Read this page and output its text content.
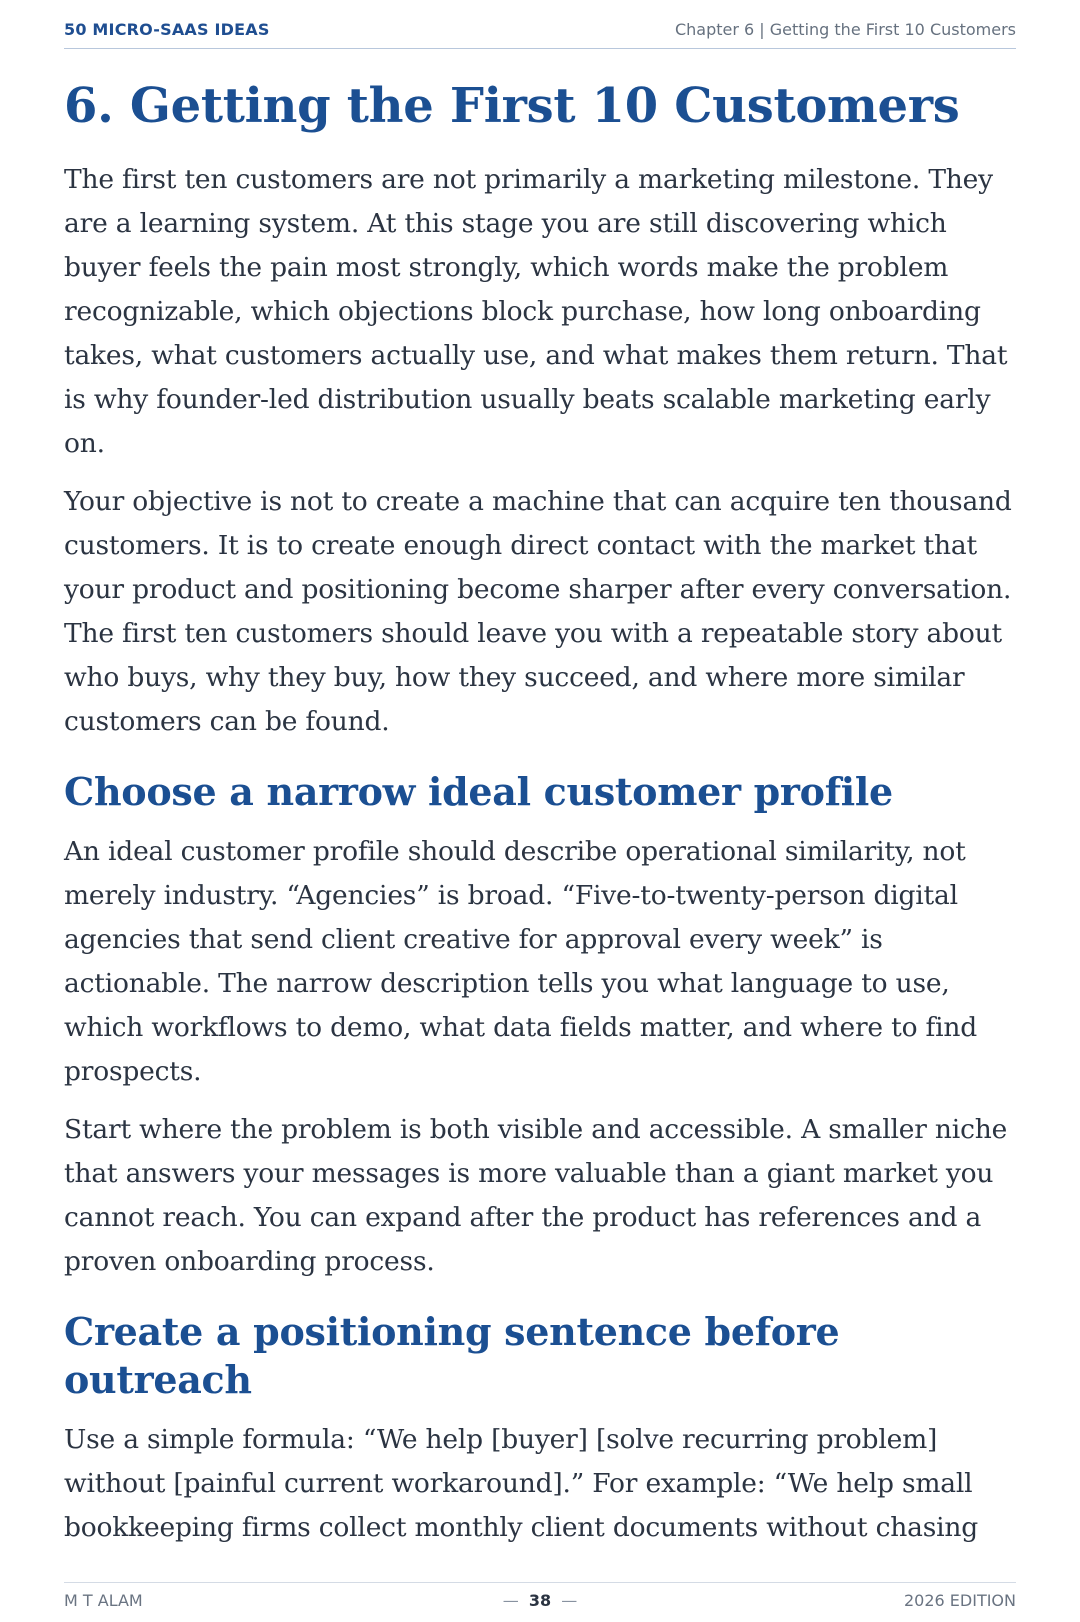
50 MICRO-SAAS IDEAS	Chapter 6 | Getting the First 10 Customers
6. Getting the First 10 Customers

The first ten customers are not primarily a marketing milestone. They are a learning system. At this stage you are still discovering which buyer feels the pain most strongly, which words make the problem recognizable, which objections block purchase, how long onboarding takes, what customers actually use, and what makes them return. That is why founder-led distribution usually beats scalable marketing early on.

Your objective is not to create a machine that can acquire ten thousand customers. It is to create enough direct contact with the market that your product and positioning become sharper after every conversation. The first ten customers should leave you with a repeatable story about who buys, why they buy, how they succeed, and where more similar customers can be found.

Choose a narrow ideal customer profile

An ideal customer profile should describe operational similarity, not merely industry. “Agencies” is broad. “Five-to-twenty-person digital agencies that send client creative for approval every week” is actionable. The narrow description tells you what language to use, which workflows to demo, what data fields matter, and where to find prospects.

Start where the problem is both visible and accessible. A smaller niche that answers your messages is more valuable than a giant market you cannot reach. You can expand after the product has references and a proven onboarding process.

Create a positioning sentence before outreach

Use a simple formula: “We help [buyer] [solve recurring problem] without [painful current workaround].” For example: “We help small bookkeeping firms collect monthly client documents without chasing

M T ALAM	— 38 —	2026 EDITION
